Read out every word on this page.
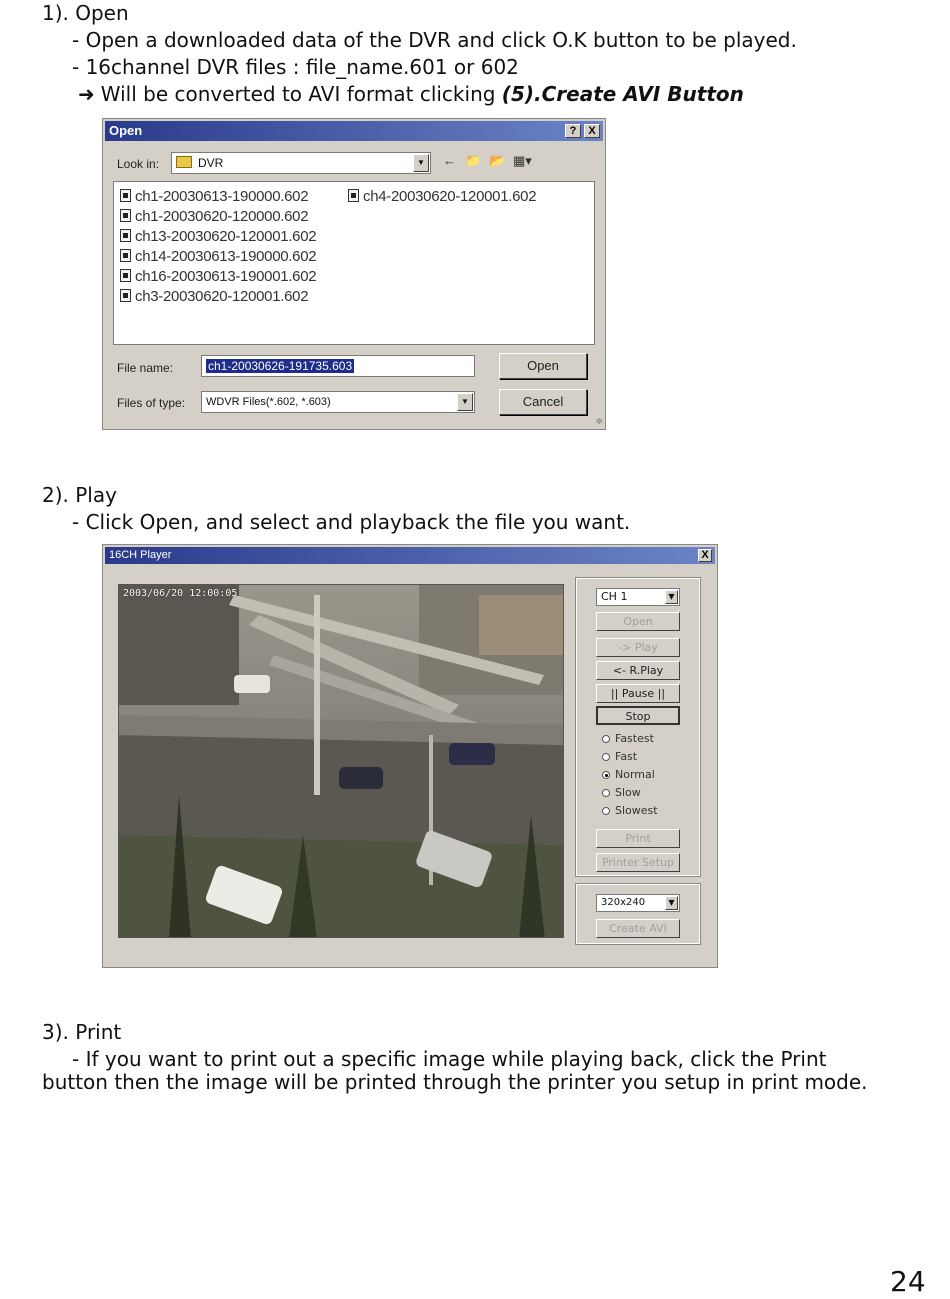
1). Open
- Open a downloaded data of the DVR and click O.K button to be played.
- 16channel DVR files : file_name.601 or 602
➜ Will be converted to AVI format clicking (5).Create AVI Button
Open	?	X
Look in:	DVR	▼	← 📁 📂 ▦▾
ch1-20030613-190000.602
ch1-20030620-120000.602
ch13-20030620-120001.602
ch14-20030613-190000.602
ch16-20030613-190001.602
ch3-20030620-120001.602
ch4-20030620-120001.602
File name:	ch1-20030626-191735.603	Open
Files of type:	WDVR Files(*.602, *.603)	▼	Cancel
≑
2). Play
- Click Open, and select and playback the file you want.
16CH Player	X
2003/06/20 12:00:05	CH 1	▼
Open
-> Play
<- R.Play
|| Pause ||
Stop
Fastest
Fast
Normal
Slow
Slowest
Print
Printer Setup
320x240	▼
Create AVI
3). Print
- If you want to print out a specific image while playing back, click the Print
button then the image will be printed through the printer you setup in print mode.
24
